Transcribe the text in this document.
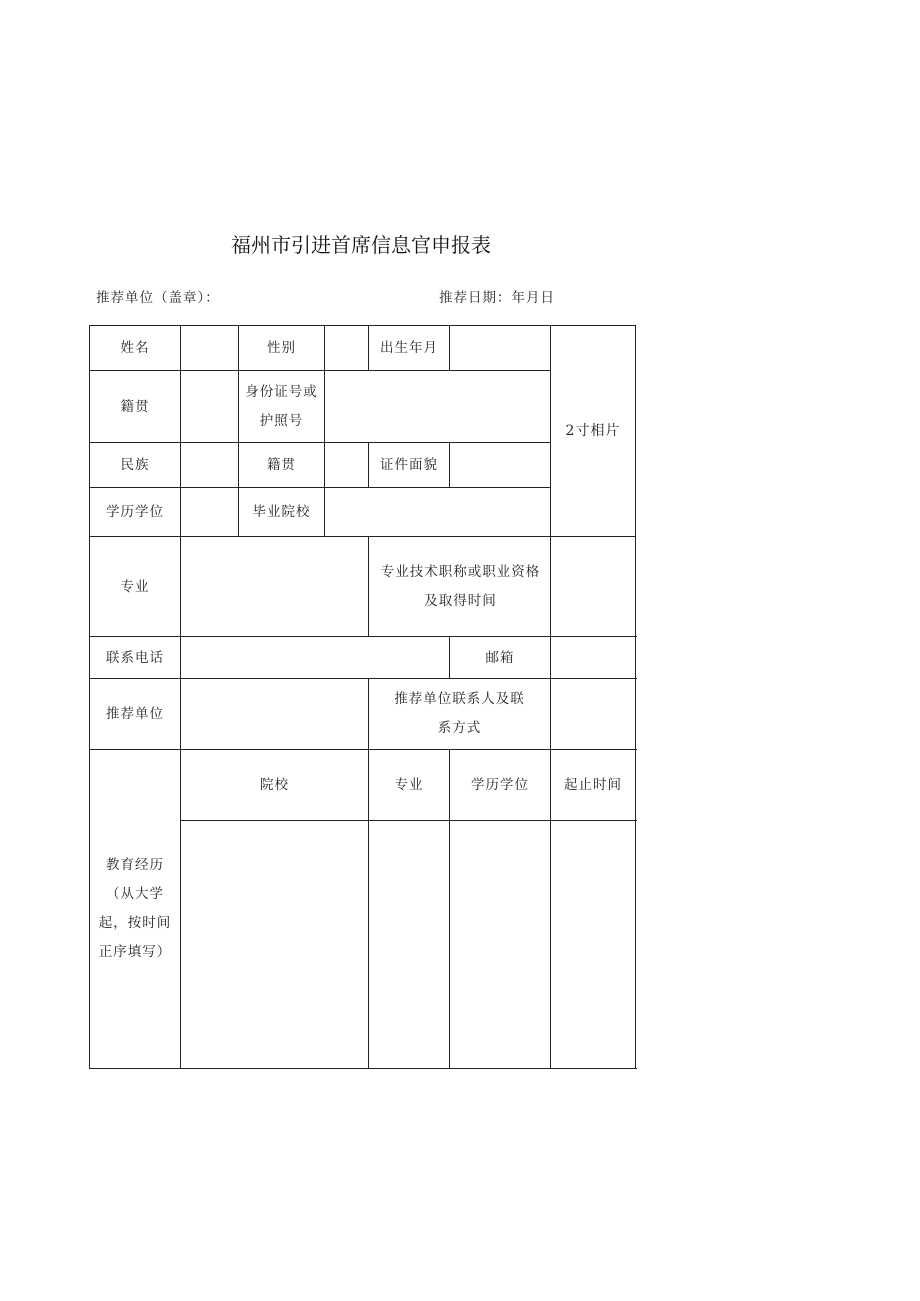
福州市引进首席信息官申报表
推荐单位（盖章）：	推荐日期：年月日
姓名		性别		出生年月		2寸相片
籍贯		身份证号或护照号				
民族		籍贯		证件面貌		
学历学位		毕业院校				
专业				专业技术职称或职业资格及取得时间		
联系电话					邮箱	
推荐单位				推荐单位联系人及联系方式		
教育经历（从大学起，按时间正序填写）	院校			专业	学历学位	起止时间
